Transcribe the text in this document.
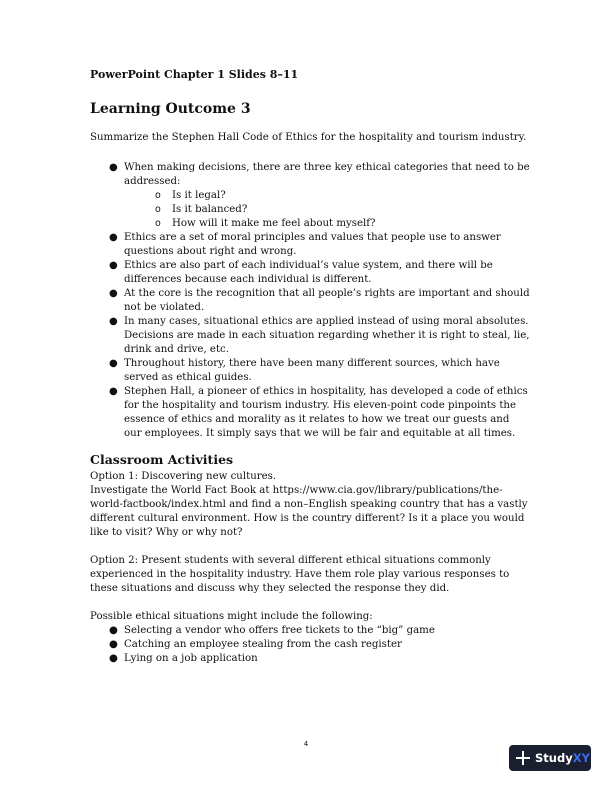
PowerPoint Chapter 1 Slides 8–11

Learning Outcome 3

Summarize the Stephen Hall Code of Ethics for the hospitality and tourism industry.

● When making decisions, there are three key ethical categories that need to be addressed:
o Is it legal?
o Is it balanced?
o How will it make me feel about myself?
● Ethics are a set of moral principles and values that people use to answer questions about right and wrong.
● Ethics are also part of each individual’s value system, and there will be differences because each individual is different.
● At the core is the recognition that all people’s rights are important and should not be violated.
● In many cases, situational ethics are applied instead of using moral absolutes. Decisions are made in each situation regarding whether it is right to steal, lie, drink and drive, etc.
● Throughout history, there have been many different sources, which have served as ethical guides.
● Stephen Hall, a pioneer of ethics in hospitality, has developed a code of ethics for the hospitality and tourism industry. His eleven-point code pinpoints the essence of ethics and morality as it relates to how we treat our guests and our employees. It simply says that we will be fair and equitable at all times.

Classroom Activities

Option 1: Discovering new cultures.

Investigate the World Fact Book at https://www.cia.gov/library/publications/the-world-factbook/index.html and find a non–English speaking country that has a vastly different cultural environment. How is the country different? Is it a place you would like to visit? Why or why not?

Option 2: Present students with several different ethical situations commonly experienced in the hospitality industry. Have them role play various responses to these situations and discuss why they selected the response they did.

Possible ethical situations might include the following:

● Selecting a vendor who offers free tickets to the “big” game
● Catching an employee stealing from the cash register
● Lying on a job application
4
Study XY
